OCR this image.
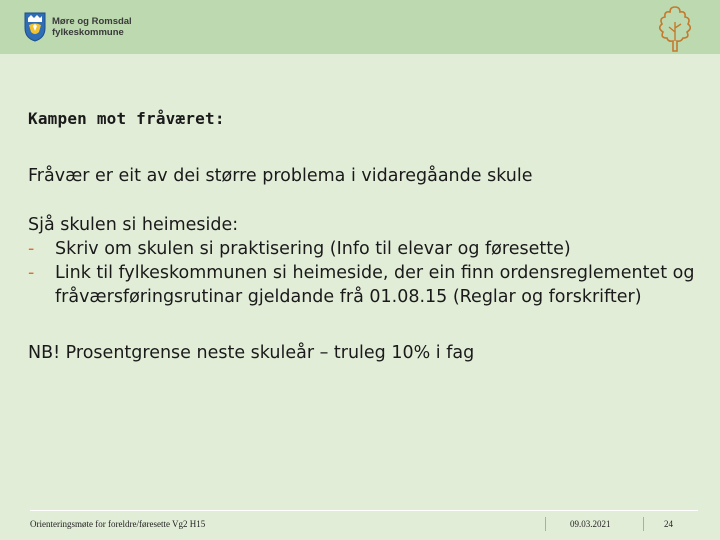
Møre og Romsdal
fylkeskommune
Kampen mot fråværet:

Fråvær er eit av dei større problema i vidaregåande skule

Sjå skulen si heimeside:

- Skriv om skulen si praktisering (Info til elevar og føresette)
- Link til fylkeskommunen si heimeside, der ein finn ordensreglementet og fråværsføringsrutinar gjeldande frå 01.08.15 (Reglar og forskrifter)

NB! Prosentgrense neste skuleår – truleg 10% i fag

Orienteringsmøte for foreldre/føresette Vg2 H15	09.03.2021	24
